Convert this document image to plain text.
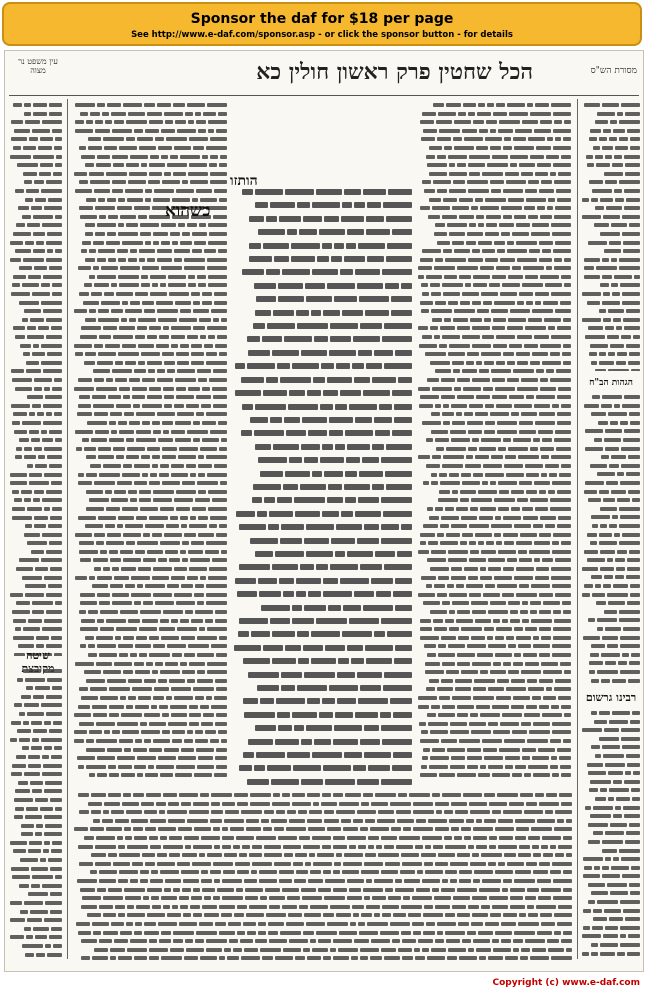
Sponsor the daf for $18 per page
See http://www.e-daf.com/sponsor.asp - or click the sponsor button - for details
מסורת הש"ס
הכל שחטין פרק ראשון חולין כא
עין משפט נר מצוה
שיטה
הגהות הב"ח
רבינו גרשום
כשהוא
הותזו
Copyright (c) www.e-daf.com
